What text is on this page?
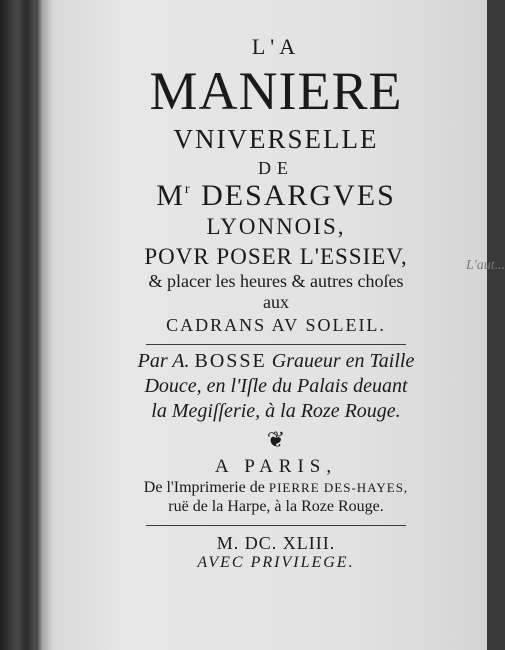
L'A

MANIERE

VNIVERSELLE

DE

$M^r$ DESARGVES

LYONNOIS,

POVR POSER L'ESSIEV,

& placer les heures & autres choſes

aux

CADRANS AV SOLEIL.

Par A. BOSSE Graueur en Taille

Douce, en l'Iſle du Palais deuant

la Megiſſerie, à la Roze Rouge.

❦

A PARIS,

De l'Imprimerie de PIERRE DES-HAYES,

ruë de la Harpe, à la Roze Rouge.

M. DC. XLIII.

AVEC PRIVILEGE.

L'aut...
